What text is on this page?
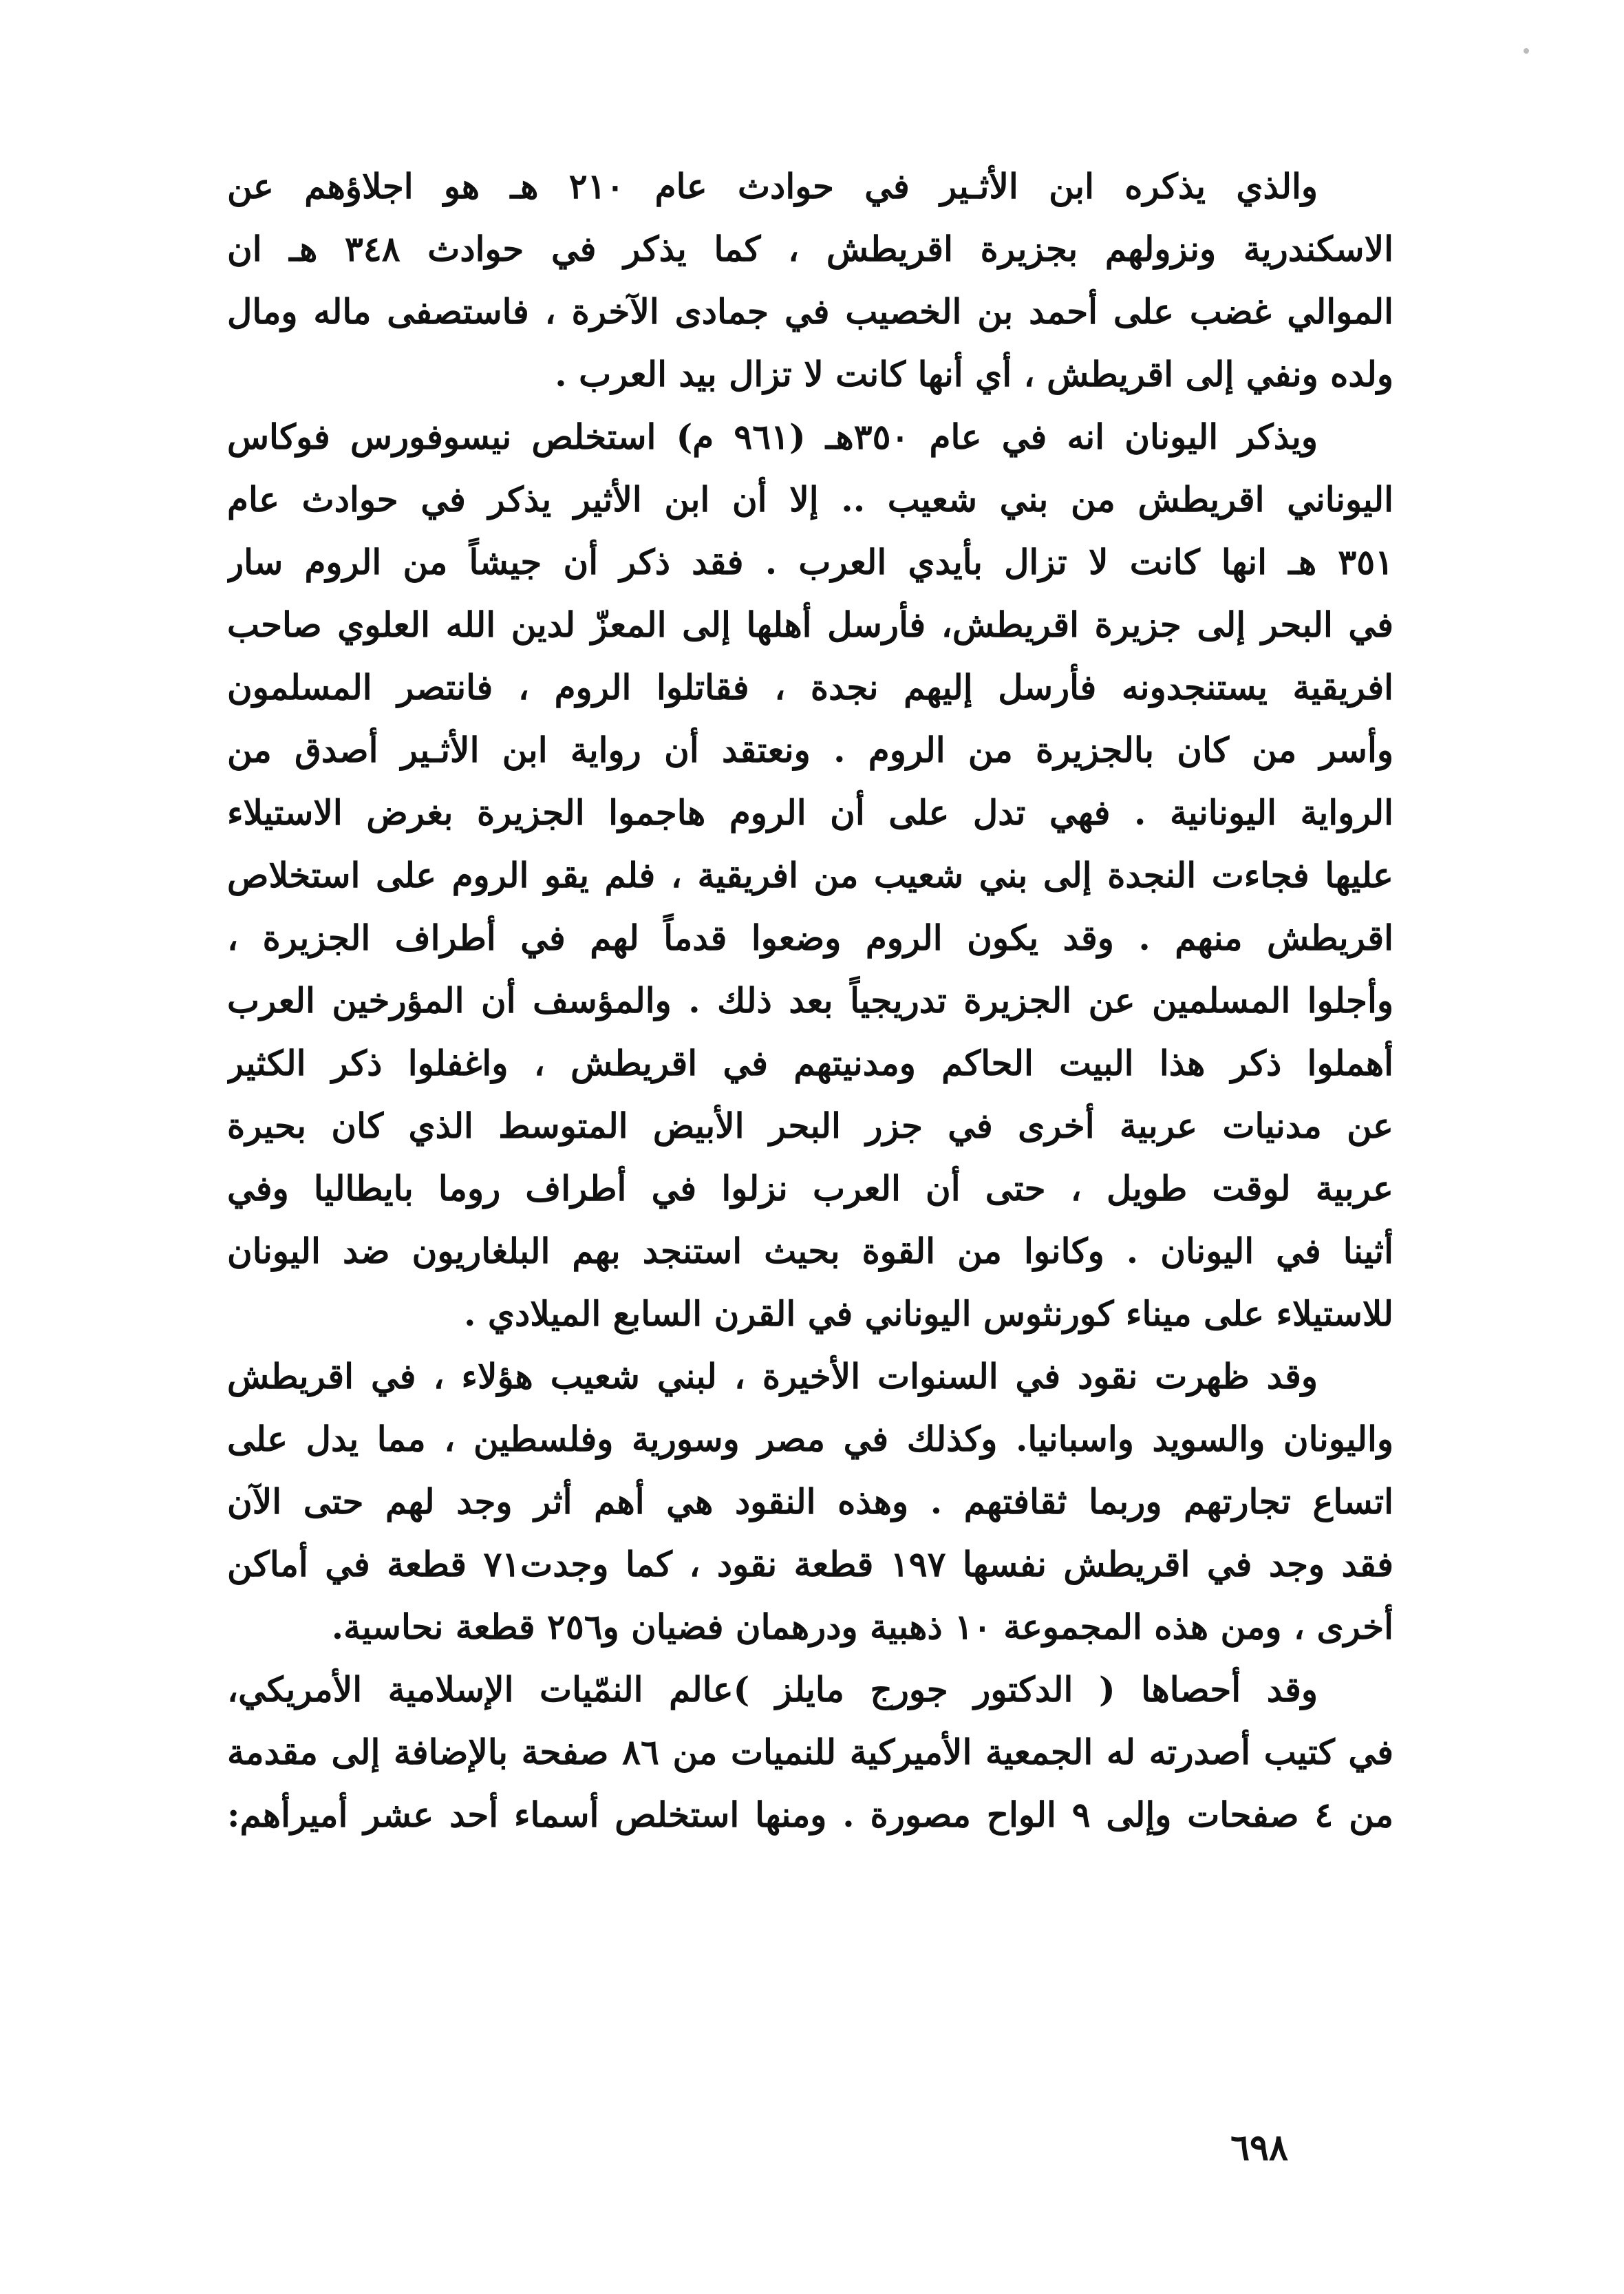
والذي يذكره ابن الأثـير في حوادث عام ٢١٠ هـ هو اجلاؤهم عن
الاسكندرية ونزولهم بجزيرة اقريطش ، كما يذكر في حوادث ٣٤٨ هـ ان
الموالي غضب على أحمد بن الخصيب في جمادى الآخرة ، فاستصفى ماله ومال
ولده ونفي إلى اقريطش ، أي أنها كانت لا تزال بيد العرب .
ويذكر اليونان انه في عام ٣٥٠هـ (٩٦١ م) استخلص نيسوفورس فوكاس
اليوناني اقريطش من بني شعيب .. إلا أن ابن الأثير يذكر في حوادث عام
٣٥١ هـ انها كانت لا تزال بأيدي العرب . فقد ذكر أن جيشاً من الروم سار
في البحر إلى جزيرة اقريطش، فأرسل أهلها إلى المعزّ لدين الله العلوي صاحب
افريقية يستنجدونه فأرسل إليهم نجدة ، فقاتلوا الروم ، فانتصر المسلمون
وأسر من كان بالجزيرة من الروم . ونعتقد أن رواية ابن الأثـير أصدق من
الرواية اليونانية . فهي تدل على أن الروم هاجموا الجزيرة بغرض الاستيلاء
عليها فجاءت النجدة إلى بني شعيب من افريقية ، فلم يقو الروم على استخلاص
اقريطش منهم . وقد يكون الروم وضعوا قدماً لهم في أطراف الجزيرة ،
وأجلوا المسلمين عن الجزيرة تدريجياً بعد ذلك . والمؤسف أن المؤرخين العرب
أهملوا ذكر هذا البيت الحاكم ومدنيتهم في اقريطش ، واغفلوا ذكر الكثير
عن مدنيات عربية أخرى في جزر البحر الأبيض المتوسط الذي كان بحيرة
عربية لوقت طويل ، حتى أن العرب نزلوا في أطراف روما بايطاليا وفي
أثينا في اليونان . وكانوا من القوة بحيث استنجد بهم البلغاريون ضد اليونان
للاستيلاء على ميناء كورنثوس اليوناني في القرن السابع الميلادي .
وقد ظهرت نقود في السنوات الأخيرة ، لبني شعيب هؤلاء ، في اقريطش
واليونان والسويد واسبانيا. وكذلك في مصر وسورية وفلسطين ، مما يدل على
اتساع تجارتهم وربما ثقافتهم . وهذه النقود هي أهم أثر وجد لهم حتى الآن
فقد وجد في اقريطش نفسها ١٩٧ قطعة نقود ، كما وجدت٧١ قطعة في أماكن
أخرى ، ومن هذه المجموعة ١٠ ذهبية ودرهمان فضيان و٢٥٦ قطعة نحاسية.
وقد أحصاها ( الدكتور جورج مايلز )عالم النمّيات الإسلامية الأمريكي،
في كتيب أصدرته له الجمعية الأميركية للنميات من ٨٦ صفحة بالإضافة إلى مقدمة
من ٤ صفحات وإلى ٩ الواح مصورة . ومنها استخلص أسماء أحد عشر أميرأهم:
٦٩٨
